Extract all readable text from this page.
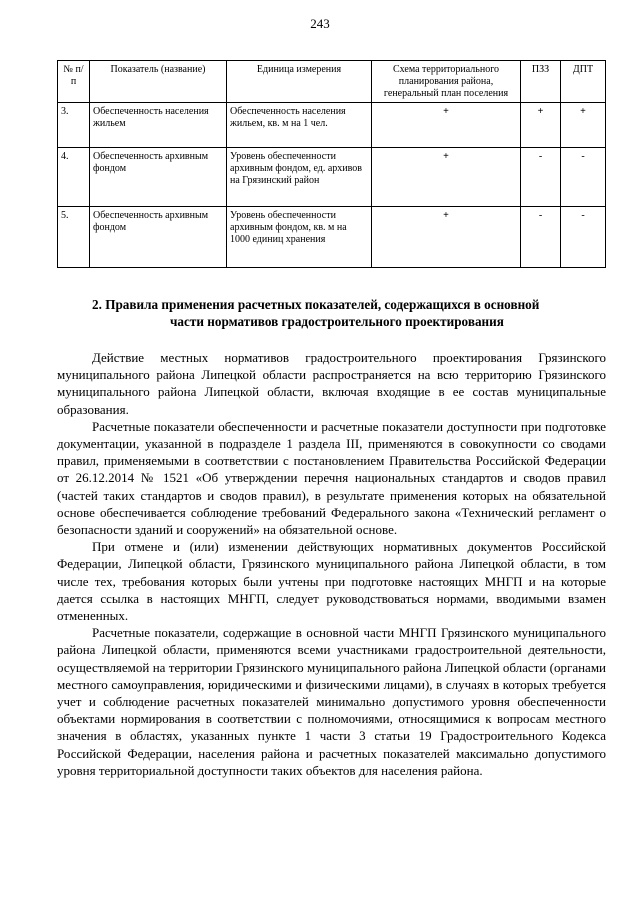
243
№ п/п	Показатель (название)	Единица измерения	Схема территориального планирования района, генеральный план поселения	ПЗЗ	ДПТ
3.	Обеспеченность населения жильем	Обеспеченность населения жильем, кв. м на 1 чел.	+	+	+
4.	Обеспеченность архивным фондом	Уровень обеспеченности архивным фондом, ед. архивов на Грязинский район	+	-	-
5.	Обеспеченность архивным фондом	Уровень обеспеченности архивным фондом, кв. м на 1000 единиц хранения	+	-	-
2. Правила применения расчетных показателей, содержащихся в основной
части нормативов градостроительного проектирования

Действие местных нормативов градостроительного проектирования Грязинского муниципального района Липецкой области распространяется на всю территорию Грязинского муниципального района Липецкой области, включая входящие в ее состав муниципальные образования.

Расчетные показатели обеспеченности и расчетные показатели доступности при подготовке документации, указанной в подразделе 1 раздела III, применяются в совокупности со сводами правил, применяемыми в соответствии с постановлением Правительства Российской Федерации от 26.12.2014 № 1521 «Об утверждении перечня национальных стандартов и сводов правил (частей таких стандартов и сводов правил), в результате применения которых на обязательной основе обеспечивается соблюдение требований Федерального закона «Технический регламент о безопасности зданий и сооружений» на обязательной основе.

При отмене и (или) изменении действующих нормативных документов Российской Федерации, Липецкой области, Грязинского муниципального района Липецкой области, в том числе тех, требования которых были учтены при подготовке настоящих МНГП и на которые дается ссылка в настоящих МНГП, следует руководствоваться нормами, вводимыми взамен отмененных.

Расчетные показатели, содержащие в основной части МНГП Грязинского муниципального района Липецкой области, применяются всеми участниками градостроительной деятельности, осуществляемой на территории Грязинского муниципального района Липецкой области (органами местного самоуправления, юридическими и физическими лицами), в случаях в которых требуется учет и соблюдение расчетных показателей минимально допустимого уровня обеспеченности объектами нормирования в соответствии с полномочиями, относящимися к вопросам местного значения в областях, указанных пункте 1 части 3 статьи 19 Градостроительного Кодекса Российской Федерации, населения района и расчетных показателей максимально допустимого уровня территориальной доступности таких объектов для населения района.
